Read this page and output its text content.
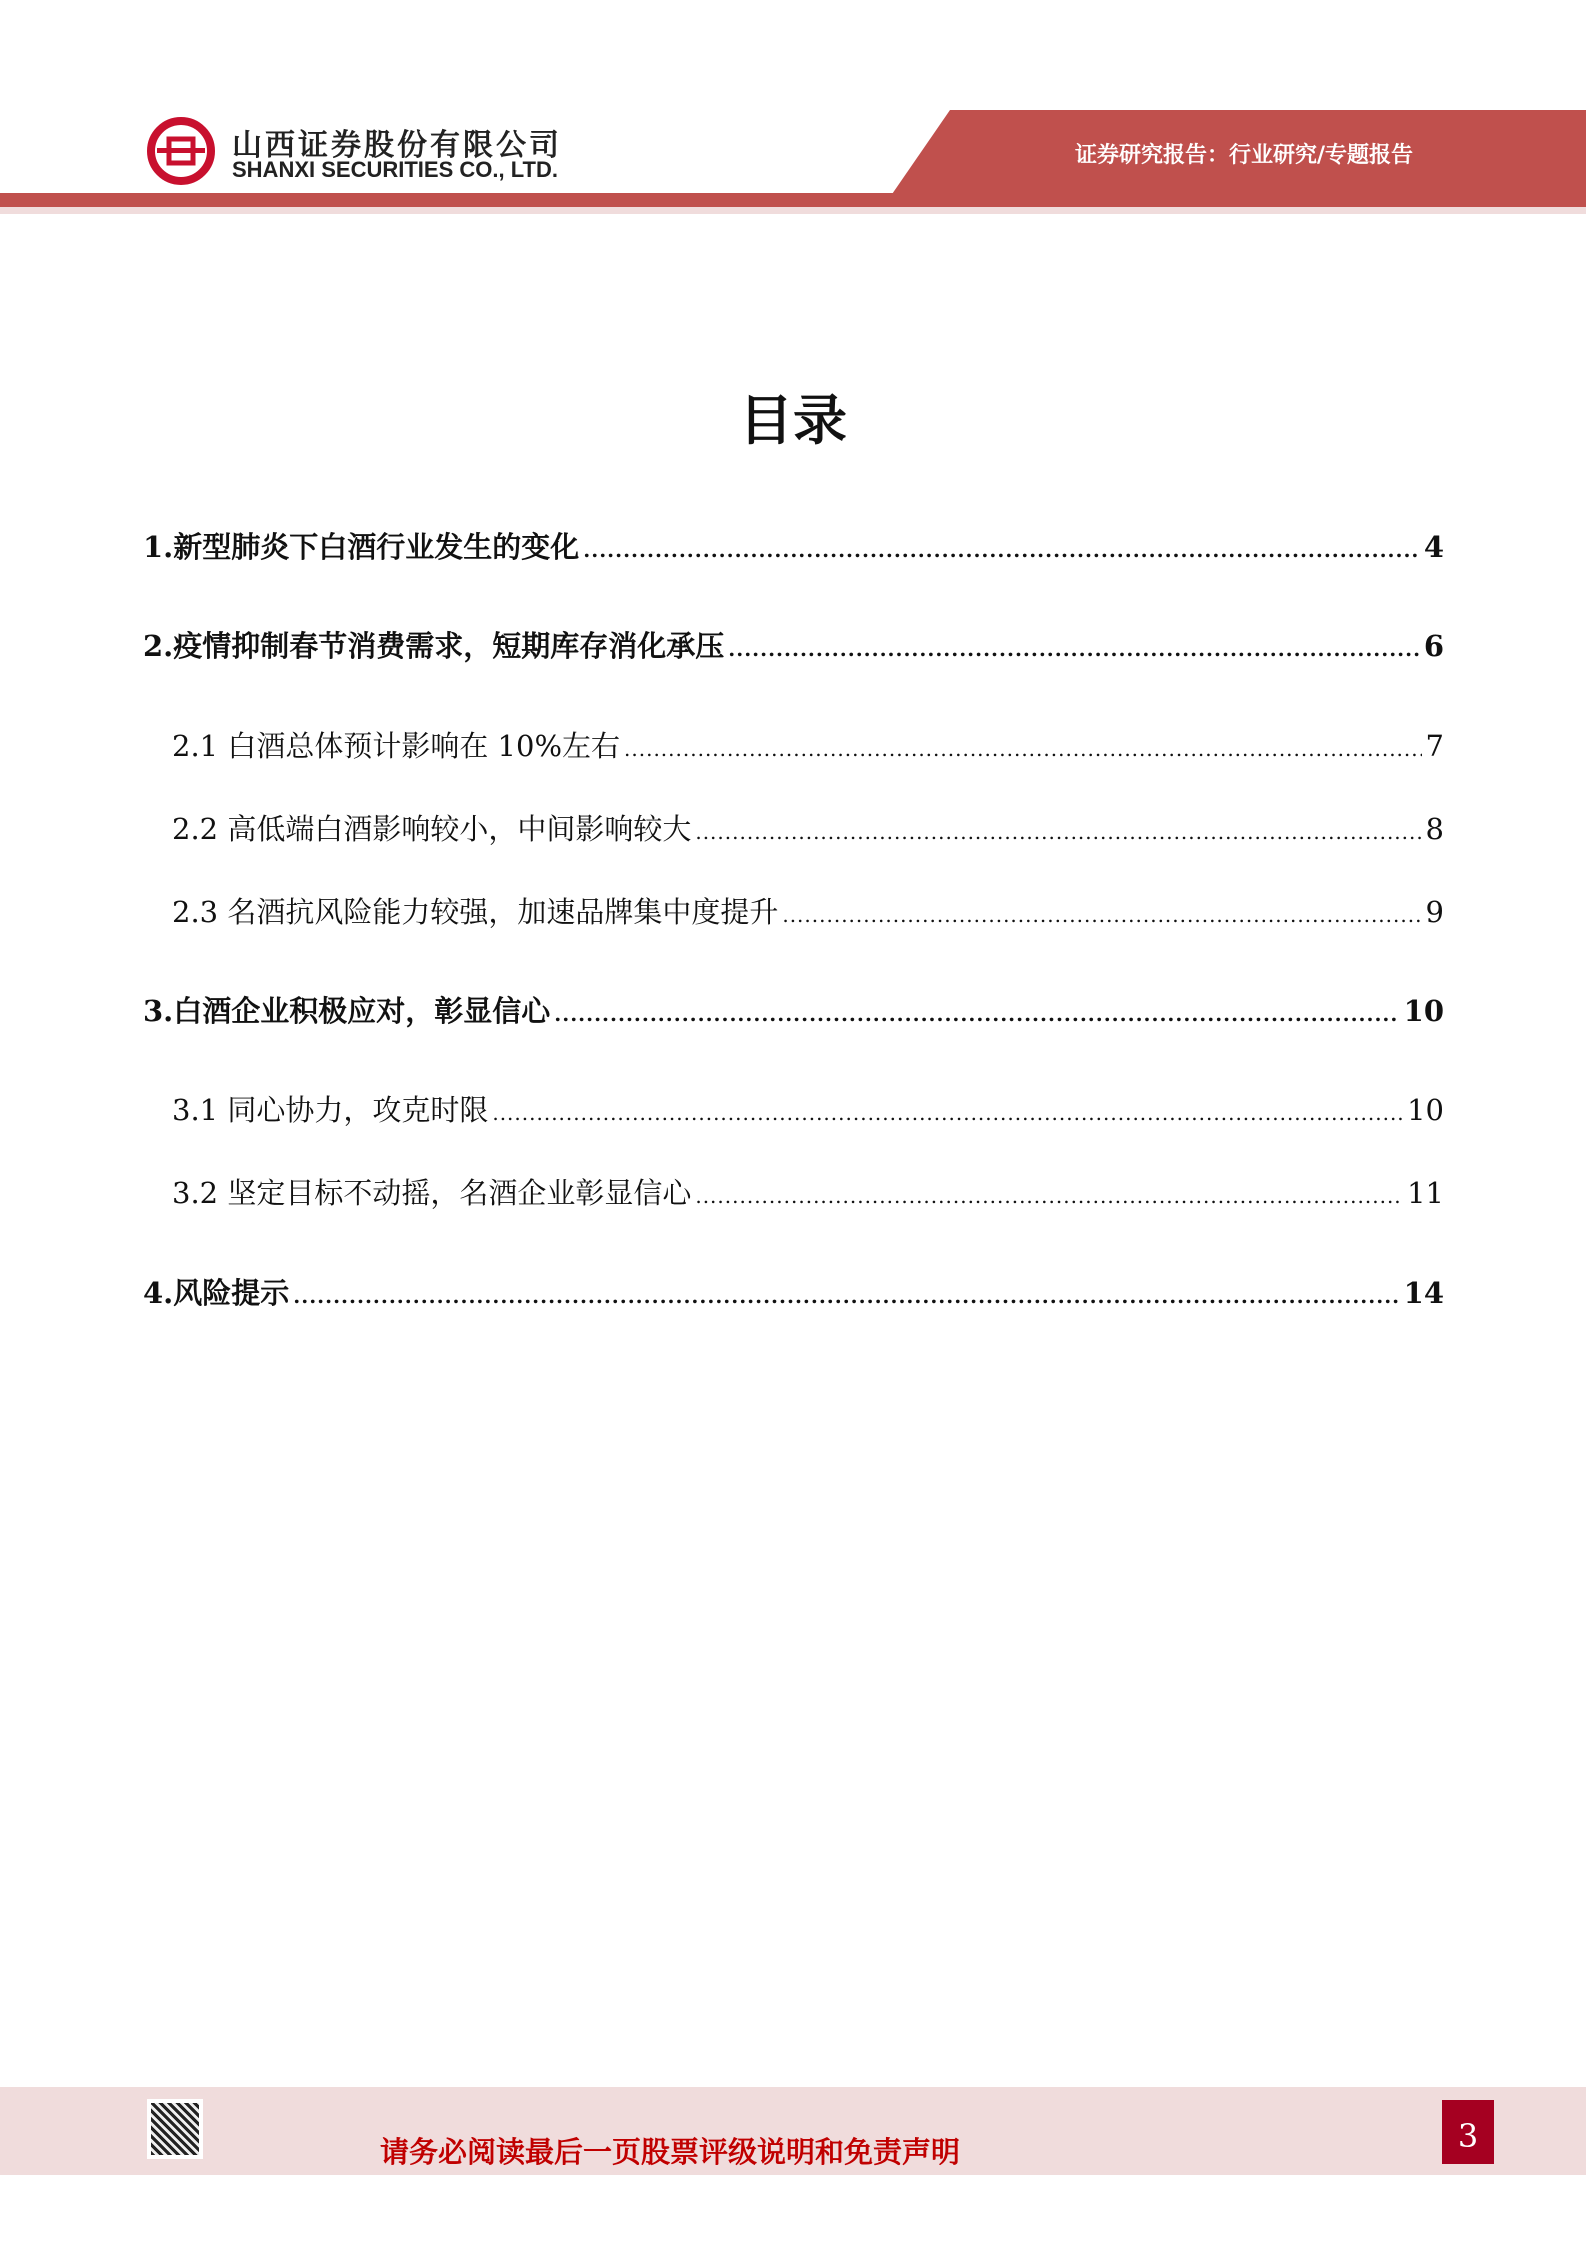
证券研究报告：行业研究/专题报告
山西证券股份有限公司
SHANXI SECURITIES CO., LTD.
目录
1.新型肺炎下白酒行业发生的变化 .....	4
2.疫情抑制春节消费需求，短期库存消化承压 .....	6
2.1 白酒总体预计影响在 10%左右 .....	7
2.2 高低端白酒影响较小，中间影响较大 .....	8
2.3 名酒抗风险能力较强，加速品牌集中度提升 .....	9
3.白酒企业积极应对，彰显信心 .....	10
3.1 同心协力，攻克时限 .....	10
3.2 坚定目标不动摇，名酒企业彰显信心 .....	11
4.风险提示 .....	14
请务必阅读最后一页股票评级说明和免责声明	3
